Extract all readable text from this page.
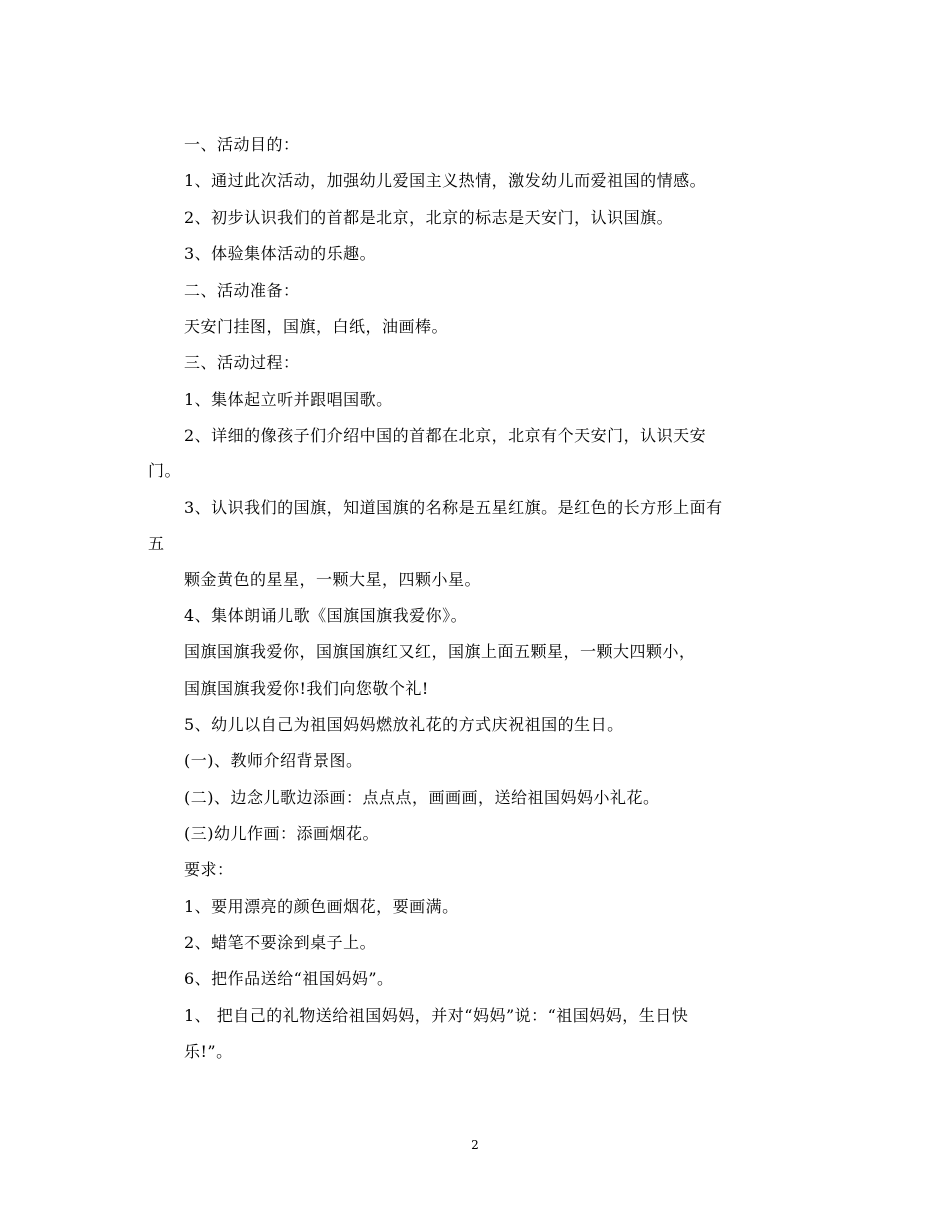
一、活动目的：
1、通过此次活动，加强幼儿爱国主义热情，激发幼儿而爱祖国的情感。
2、初步认识我们的首都是北京，北京的标志是天安门，认识国旗。
3、体验集体活动的乐趣。
二、活动准备：
天安门挂图，国旗，白纸，油画棒。
三、活动过程：
1、集体起立听并跟唱国歌。
2、详细的像孩子们介绍中国的首都在北京，北京有个天安门，认识天安
门。
3、认识我们的国旗，知道国旗的名称是五星红旗。是红色的长方形上面有
五
颗金黄色的星星，一颗大星，四颗小星。
4、集体朗诵儿歌《国旗国旗我爱你》。
国旗国旗我爱你，国旗国旗红又红，国旗上面五颗星，一颗大四颗小，
国旗国旗我爱你!我们向您敬个礼!
5、幼儿以自己为祖国妈妈燃放礼花的方式庆祝祖国的生日。
(一)、教师介绍背景图。
(二)、边念儿歌边添画：点点点，画画画，送给祖国妈妈小礼花。
(三)幼儿作画：添画烟花。
要求：
1、要用漂亮的颜色画烟花，要画满。
2、蜡笔不要涂到桌子上。
6、把作品送给“祖国妈妈”。
1、 把自己的礼物送给祖国妈妈，并对“妈妈”说：“祖国妈妈，生日快
乐!”。
2
